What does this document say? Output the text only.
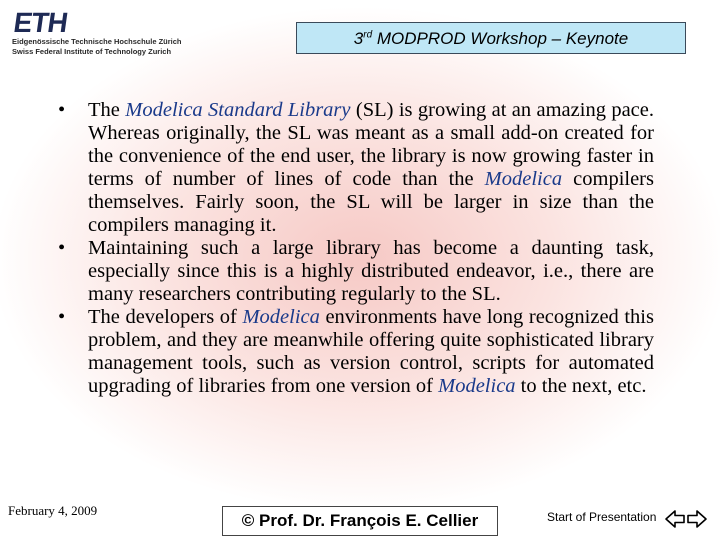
ETH
Eidgenössische Technische Hochschule Zürich
Swiss Federal Institute of Technology Zurich
3rd MODPROD Workshop – Keynote
• The Modelica Standard Library (SL) is growing at an amazing pace. Whereas originally, the SL was meant as a small add-on created for the convenience of the end user, the library is now growing faster in terms of number of lines of code than the Modelica compilers themselves. Fairly soon, the SL will be larger in size than the compilers managing it.
• Maintaining such a large library has become a daunting task, especially since this is a highly distributed endeavor, i.e., there are many researchers contributing regularly to the SL.
• The developers of Modelica environments have long recognized this problem, and they are meanwhile offering quite sophisticated library management tools, such as version control, scripts for automated upgrading of libraries from one version of Modelica to the next, etc.
February 4, 2009
© Prof. Dr. François E. Cellier	Start of Presentation
